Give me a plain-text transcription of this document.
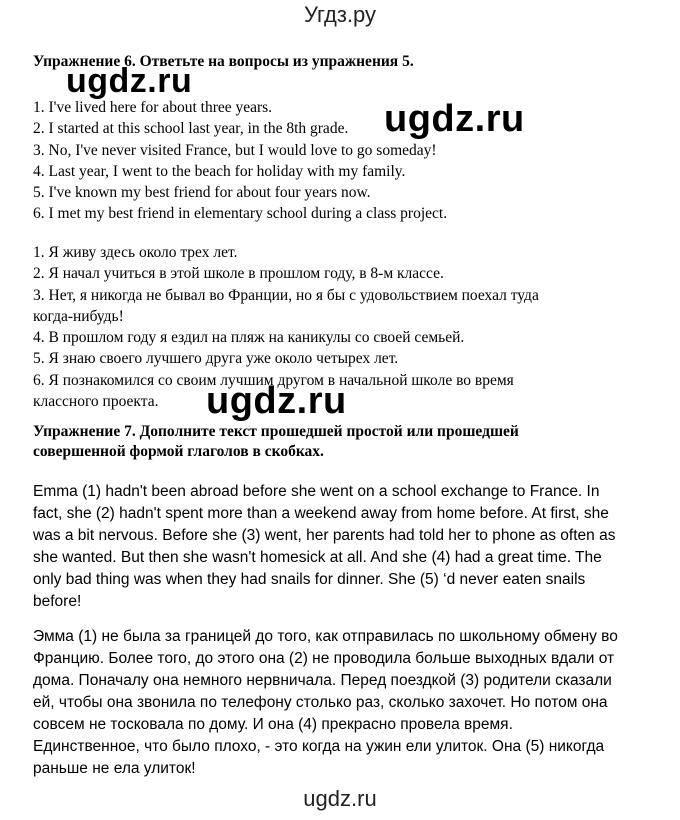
Угдз.ру
Упражнение 6. Ответьте на вопросы из упражнения 5.
1. I've lived here for about three years.
2. I started at this school last year, in the 8th grade.
3. No, I've never visited France, but I would love to go someday!
4. Last year, I went to the beach for holiday with my family.
5. I've known my best friend for about four years now.
6. I met my best friend in elementary school during a class project.
1. Я живу здесь около трех лет.
2. Я начал учиться в этой школе в прошлом году, в 8-м классе.
3. Нет, я никогда не бывал во Франции, но я бы с удовольствием поехал туда
когда-нибудь!
4. В прошлом году я ездил на пляж на каникулы со своей семьей.
5. Я знаю своего лучшего друга уже около четырех лет.
6. Я познакомился со своим лучшим другом в начальной школе во время
классного проекта.
Упражнение 7. Дополните текст прошедшей простой или прошедшей
совершенной формой глаголов в скобках.

Emma (1) hadn't been abroad before she went on a school exchange to France. In fact, she (2) hadn't spent more than a weekend away from home before. At first, she was a bit nervous. Before she (3) went, her parents had told her to phone as often as she wanted. But then she wasn't homesick at all. And she (4) had a great time. The only bad thing was when they had snails for dinner. She (5) ‘d never eaten snails before!

Эмма (1) не была за границей до того, как отправилась по школьному обмену во Францию. Более того, до этого она (2) не проводила больше выходных вдали от дома. Поначалу она немного нервничала. Перед поездкой (3) родители сказали ей, чтобы она звонила по телефону столько раз, сколько захочет. Но потом она совсем не тосковала по дому. И она (4) прекрасно провела время. Единственное, что было плохо, - это когда на ужин ели улиток. Она (5) никогда раньше не ела улиток!

ugdz.ru
ugdz.ru
ugdz.ru
ugdz.ru
